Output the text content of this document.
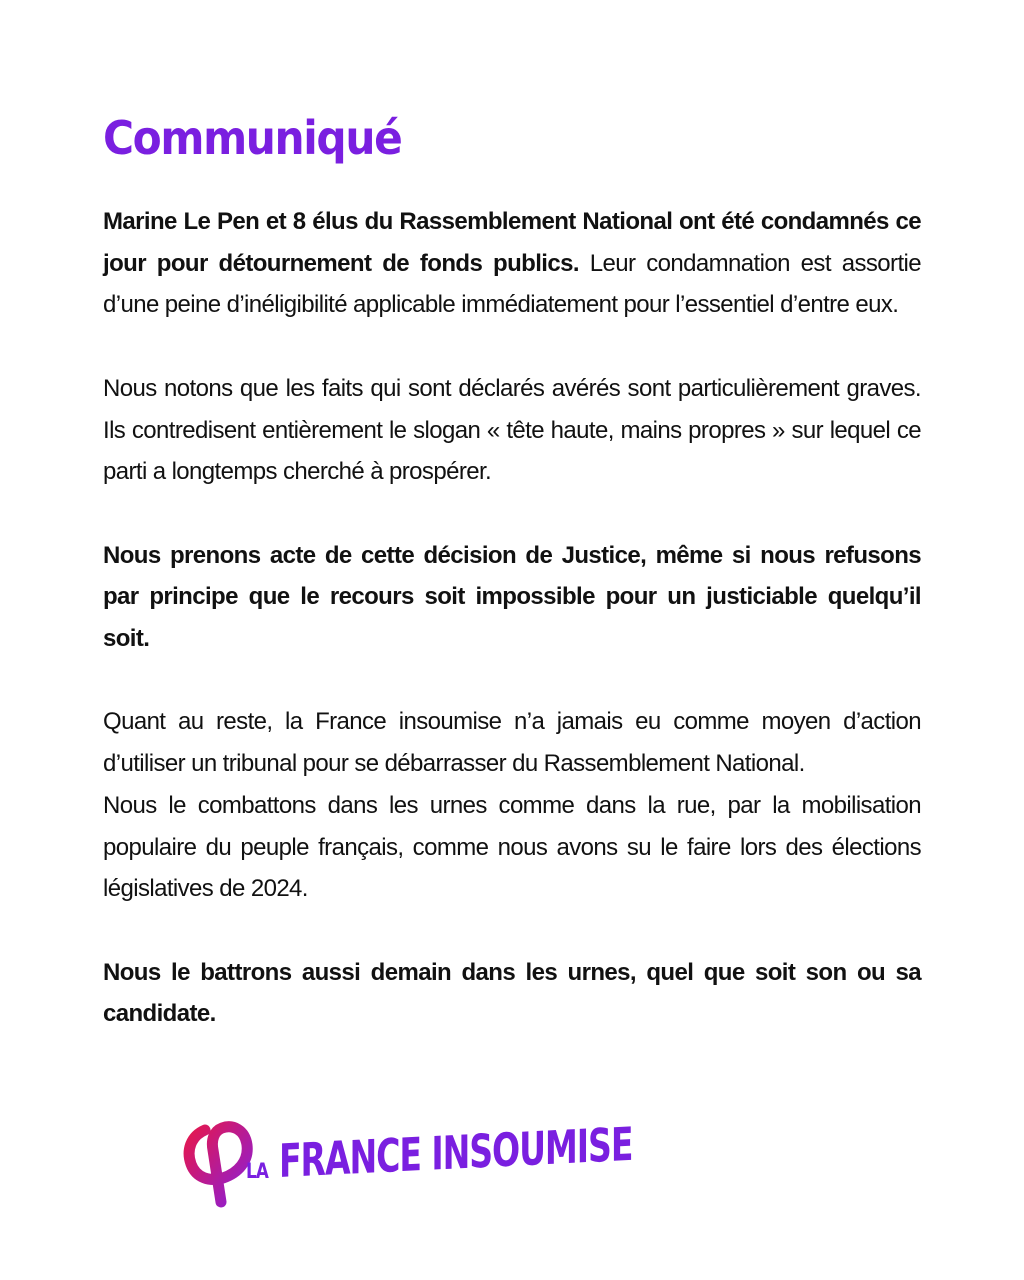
Communiqué

Marine Le Pen et 8 élus du Rassemblement National ont été condamnés ce jour pour détournement de fonds publics. Leur condamnation est assortie d’une peine d’inéligibilité applicable immédiatement pour l’essentiel d’entre eux.

Nous notons que les faits qui sont déclarés avérés sont particulièrement graves. Ils contredisent entièrement le slogan « tête haute, mains propres » sur lequel ce parti a longtemps cherché à prospérer.

Nous prenons acte de cette décision de Justice, même si nous refusons par principe que le recours soit impossible pour un justiciable quelqu’il soit.

Quant au reste, la France insoumise n’a jamais eu comme moyen d’action d’utiliser un tribunal pour se débarrasser du Rassemblement National.

Nous le combattons dans les urnes comme dans la rue, par la mobilisation populaire du peuple français, comme nous avons su le faire lors des élections législatives de 2024.

Nous le battrons aussi demain dans les urnes, quel que soit son ou sa candidate.

LA FRANCE INSOUMISE
